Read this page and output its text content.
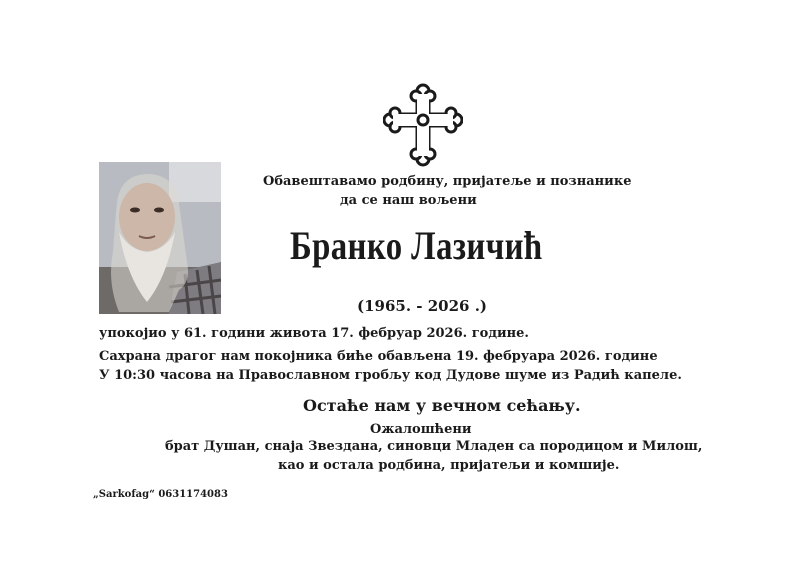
Обавештавамо родбину, пријатеље и познанике
да се наш вољени
Бранко Лазичић
(1965. - 2026 .)
упокојио у 61. години живота 17. фебруар 2026. године.
Сахрана драгог нам покојника биће обављена 19. фебруара 2026. године
У 10:30 часова на Православном гробљу код Дудове шуме из Радић капеле.
Остаће нам у вечном сећању.
Ожалошћени
брат Душан, снаја Звездана, синовци Младен са породицом и Милош,
као и остала родбина, пријатељи и комшије.
„Sarkofag“ 0631174083
